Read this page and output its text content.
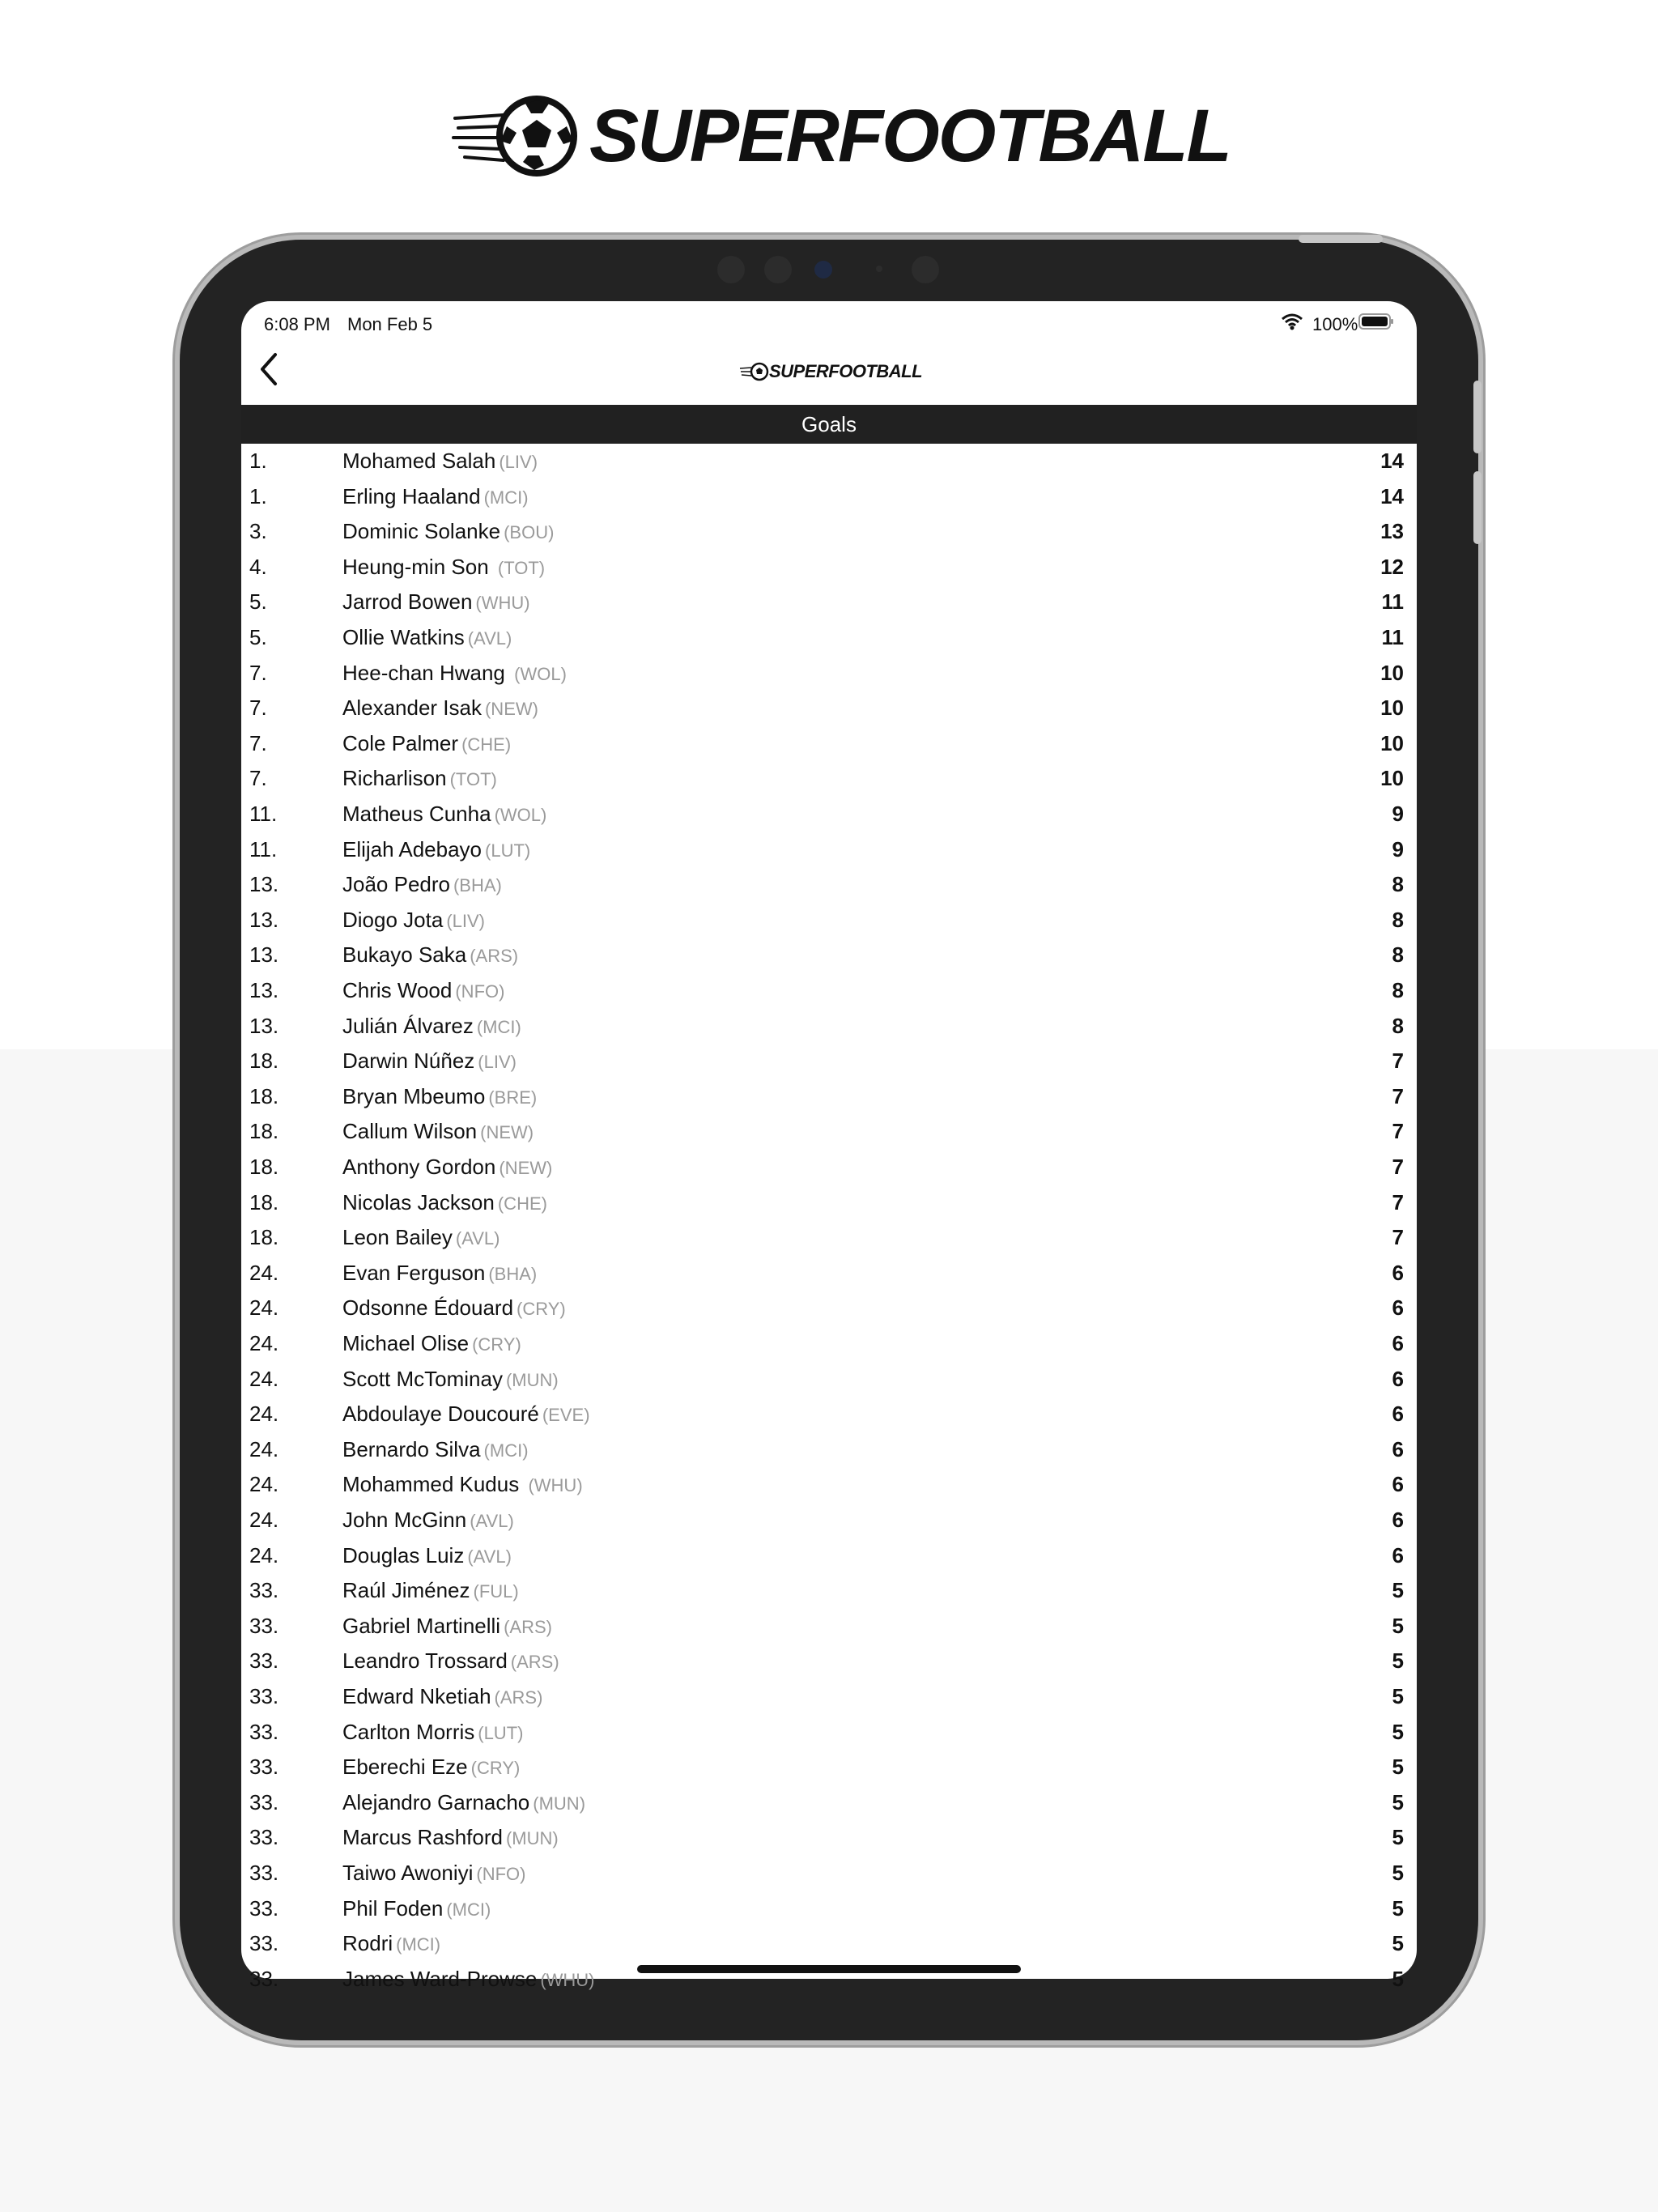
SUPERFOOTBALL
6:08 PM Mon Feb 5	100%
SUPERFOOTBALL
Goals
1.	Mohamed Salah (LIV)	14
1.	Erling Haaland (MCI)	14
3.	Dominic Solanke (BOU)	13
4.	Heung-min Son (TOT)	12
5.	Jarrod Bowen (WHU)	11
5.	Ollie Watkins (AVL)	11
7.	Hee-chan Hwang (WOL)	10
7.	Alexander Isak (NEW)	10
7.	Cole Palmer (CHE)	10
7.	Richarlison (TOT)	10
11.	Matheus Cunha (WOL)	9
11.	Elijah Adebayo (LUT)	9
13.	João Pedro (BHA)	8
13.	Diogo Jota (LIV)	8
13.	Bukayo Saka (ARS)	8
13.	Chris Wood (NFO)	8
13.	Julián Álvarez (MCI)	8
18.	Darwin Núñez (LIV)	7
18.	Bryan Mbeumo (BRE)	7
18.	Callum Wilson (NEW)	7
18.	Anthony Gordon (NEW)	7
18.	Nicolas Jackson (CHE)	7
18.	Leon Bailey (AVL)	7
24.	Evan Ferguson (BHA)	6
24.	Odsonne Édouard (CRY)	6
24.	Michael Olise (CRY)	6
24.	Scott McTominay (MUN)	6
24.	Abdoulaye Doucouré (EVE)	6
24.	Bernardo Silva (MCI)	6
24.	Mohammed Kudus (WHU)	6
24.	John McGinn (AVL)	6
24.	Douglas Luiz (AVL)	6
33.	Raúl Jiménez (FUL)	5
33.	Gabriel Martinelli (ARS)	5
33.	Leandro Trossard (ARS)	5
33.	Edward Nketiah (ARS)	5
33.	Carlton Morris (LUT)	5
33.	Eberechi Eze (CRY)	5
33.	Alejandro Garnacho (MUN)	5
33.	Marcus Rashford (MUN)	5
33.	Taiwo Awoniyi (NFO)	5
33.	Phil Foden (MCI)	5
33.	Rodri (MCI)	5
33.	James Ward-Prowse (WHU)	5
